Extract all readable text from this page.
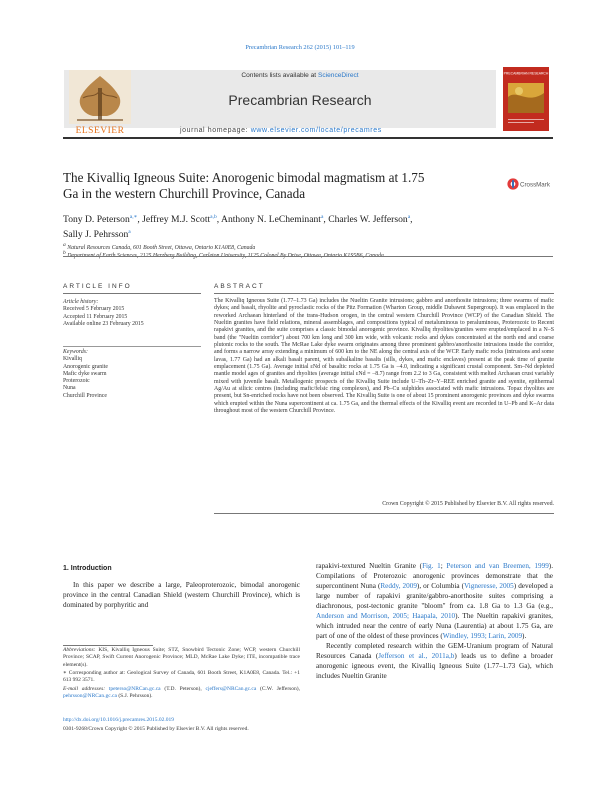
Precambrian Research 262 (2015) 101–119
Contents lists available at ScienceDirect
Precambrian Research
ELSEVIER
PRECAMBRIAN RESEARCH
journal homepage: www.elsevier.com/locate/precamres
The Kivalliq Igneous Suite: Anorogenic bimodal magmatism at 1.75 Ga in the western Churchill Province, Canada
CrossMark
Tony D. Peterson$^{a,∗}$, Jeffrey M.J. Scott$^{a,b}$, Anthony N. LeCheminant$^a$, Charles W. Jefferson$^a$,
Sally J. Pehrsson$^a$
a Natural Resources Canada, 601 Booth Street, Ottawa, Ontario K1A0E8, Canada
b
ARTICLE INFO	ABSTRACT
Article history:
Received 5 February 2015
Accepted 11 February 2015
Available online 23 February 2015
Keywords:
Kivalliq
Anorogenic granite
Mafic dyke swarm
Proterozoic
Nuna
Churchill Province
The Kivalliq Igneous Suite (1.77–1.73 Ga) includes the Nueltin Granite intrusions; gabbro and anorthosite intrusions; three swarms of mafic dykes; and basalt, rhyolite and pyroclastic rocks of the Pitz Formation (Wharton Group, middle Dubawnt Supergroup). It was emplaced in the reworked Archaean hinterland of the trans-Hudson orogen, in the central western Churchill Province (WCP) of the Canadian Shield. The Nueltin granites have field relations, mineral assemblages, and compositions typical of metaluminous to peraluminous, Proterozoic to Recent rapakivi granites, and the suite comprises a classic bimodal anorogenic province. Kivalliq rhyolites/granites were erupted/emplaced in a N–S band (the "Nueltin corridor") about 700 km long and 300 km wide, with volcanic rocks and dykes concentrated at the north end and coarse plutonic rocks to the south. The McRae Lake dyke swarm originates among three prominent gabbro/anorthosite intrusions inside the corridor, and forms a narrow array extending a minimum of 600 km to the NE along the central axis of the WCP. Early mafic rocks (intrusions and some lavas, 1.77 Ga) had an alkali basalt parent, with subalkaline basalts (sills, dykes, and mafic enclaves) present at the peak time of granite emplacement (1.75 Ga). Average initial εNd of basaltic rocks at 1.75 Ga is −4.0, indicating a significant crustal component. Sm–Nd depleted mantle model ages of granites and rhyolites (average initial εNd = −8.7) range from 2.2 to 3 Ga, consistent with melted Archaean crust variably mixed with juvenile basalt. Metallogenic prospects of the Kivalliq Suite include U–Th–Zr–Y–REE enriched granite and syenite, epithermal Ag/Au at silicic centres (including mafic/felsic ring complexes), and Pb–Cu sulphides associated with mafic intrusions. Topaz rhyolites are present, but Sn-enriched rocks have not been observed. The Kivalliq Suite is one of about 15 prominent anorogenic provinces and dyke swarms which erupted within the Nuna supercontinent at ca. 1.75 Ga, and the thermal effects of the Kivalliq event are recorded in U–Pb and K–Ar data throughout most of the western Churchill Province.
Crown Copyright © 2015 Published by Elsevier B.V. All rights reserved.
1. Introduction

In this paper we describe a large, Paleoproterozoic, bimodal anorogenic province in the central Canadian Shield (western Churchill Province), which is dominated by porphyritic and

rapakivi-textured Nueltin Granite (Fig. 1; Peterson and van Breemen, 1999). Compilations of Proterozoic anorogenic provinces demonstrate that the supercontinent Nuna (Reddy, 2009), or Columbia (Vigneresse, 2005) developed a large number of rapakivi granite/gabbro-anorthosite suites comprising a diachronous, post-tectonic granite "bloom" from ca. 1.8 Ga to 1.3 Ga (e.g., Anderson and Morrison, 2005; Haapala, 2010). The Nueltin rapakivi granites, which intruded near the centre of early Nuna (Laurentia) at about 1.75 Ga, are part of one of the oldest of these provinces (Windley, 1993; Larin, 2009).

Recently completed research within the GEM-Uranium program of Natural Resources Canada (Jefferson et al., 2011a,b) leads us to define a broader anorogenic igneous event, the Kivalliq Igneous Suite (1.77–1.73 Ga), which includes Nueltin Granite

Abbreviations: KIS, Kivalliq Igneous Suite; STZ, Snowbird Tectonic Zone; WCP, western Churchill Province; SCAP, Swift Current Anorogenic Province; MLD, McRae Lake Dyke; ITE, incompatible trace element(s).
∗ Corresponding author at: Geological Survey of Canada, 601 Booth Street, K1A0E8, Canada. Tel.: +1 613 992 3571.
E-mail addresses: tpeterso@NRCan.gc.ca (T.D. Peterson), cjeffers@NRCan.gc.ca (C.W. Jefferson), pehrsson@NRCan.gc.ca (S.J. Pehrsson).
http://dx.doi.org/10.1016/j.precamres.2015.02.019
0301-9268/Crown Copyright © 2015 Published by Elsevier B.V. All rights reserved.
